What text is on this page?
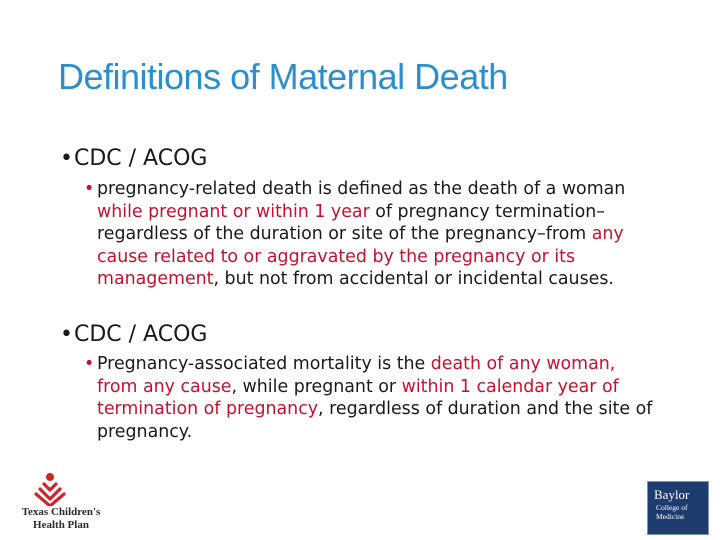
Definitions of Maternal Death
•CDC / ACOG
• pregnancy-related death is defined as the death of a woman while pregnant or within 1 year of pregnancy termination–regardless of the duration or site of the pregnancy–from any cause related to or aggravated by the pregnancy or its management, but not from accidental or incidental causes.
•CDC / ACOG
• Pregnancy-associated mortality is the death of any woman, from any cause, while pregnant or within 1 calendar year of termination of pregnancy, regardless of duration and the site of pregnancy.
Texas Children's
Health Plan
Baylor
College of
Medicine
